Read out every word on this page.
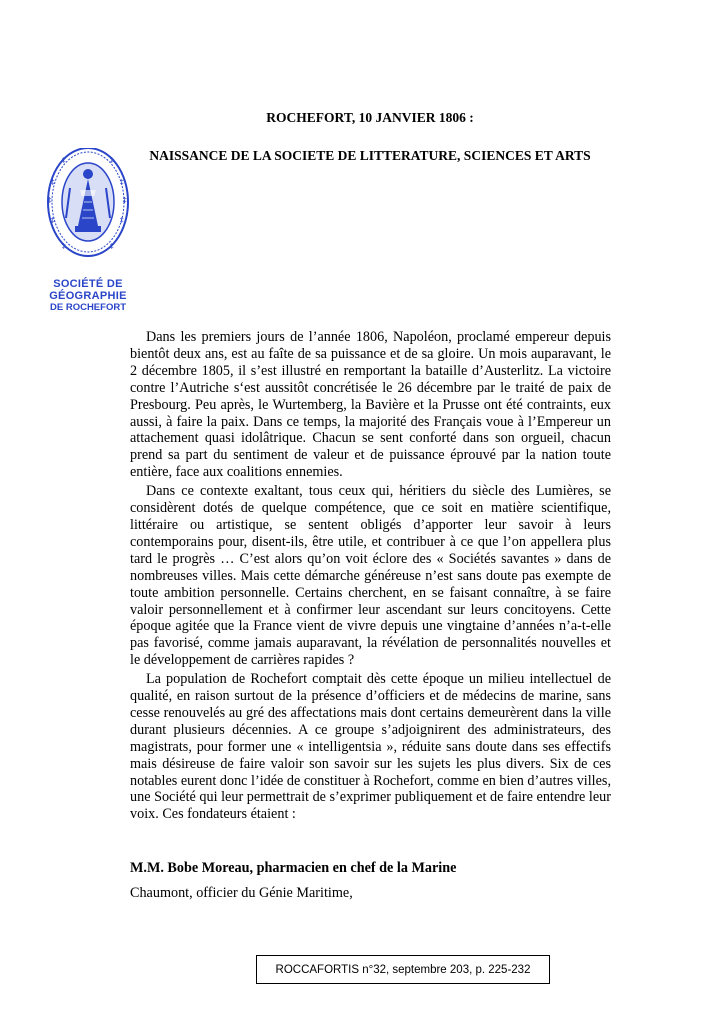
ROCHEFORT, 10 JANVIER 1806 :
NAISSANCE DE LA SOCIETE DE LITTERATURE, SCIENCES ET ARTS
‡
‡
‡
‡
‡
‡
‡	‡
‡	‡
SOCIÉTÉ DE
GÉOGRAPHIE
DE ROCHEFORT

Dans les premiers jours de l’année 1806, Napoléon, proclamé empereur depuis bientôt deux ans, est au faîte de sa puissance et de sa gloire. Un mois auparavant, le 2 décembre 1805, il s’est illustré en remportant la bataille d’Austerlitz. La victoire contre l’Autriche s‘est aussitôt concrétisée le 26 décembre par le traité de paix de Presbourg. Peu après, le Wurtemberg, la Bavière et la Prusse ont été contraints, eux aussi, à faire la paix. Dans ce temps, la majorité des Français voue à l’Empereur un attachement quasi idolâtrique. Chacun se sent conforté dans son orgueil, chacun prend sa part du sentiment de valeur et de puissance éprouvé par la nation toute entière, face aux coalitions ennemies.

Dans ce contexte exaltant, tous ceux qui, héritiers du siècle des Lumières, se considèrent dotés de quelque compétence, que ce soit en matière scientifique, littéraire ou artistique, se sentent obligés d’apporter leur savoir à leurs contemporains pour, disent-ils, être utile, et contribuer à ce que l’on appellera plus tard le progrès … C’est alors qu’on voit éclore des « Sociétés savantes » dans de nombreuses villes. Mais cette démarche généreuse n’est sans doute pas exempte de toute ambition personnelle. Certains cherchent, en se faisant connaître, à se faire valoir personnellement et à confirmer leur ascendant sur leurs concitoyens. Cette époque agitée que la France vient de vivre depuis une vingtaine d’années n’a-t-elle pas favorisé, comme jamais auparavant, la révélation de personnalités nouvelles et le développement de carrières rapides ?

La population de Rochefort comptait dès cette époque un milieu intellectuel de qualité, en raison surtout de la présence d’officiers et de médecins de marine, sans cesse renouvelés au gré des affectations mais dont certains demeurèrent dans la ville durant plusieurs décennies. A ce groupe s’adjoignirent des administrateurs, des magistrats, pour former une « intelligentsia », réduite sans doute dans ses effectifs mais désireuse de faire valoir son savoir sur les sujets les plus divers. Six de ces notables eurent donc l’idée de constituer à Rochefort, comme en bien d’autres villes, une Société qui leur permettrait de s’exprimer publiquement et de faire entendre leur voix. Ces fondateurs étaient :

M.M. Bobe Moreau, pharmacien en chef de la Marine
Chaumont, officier du Génie Maritime,
ROCCAFORTIS n°32, septembre 203, p. 225-232
